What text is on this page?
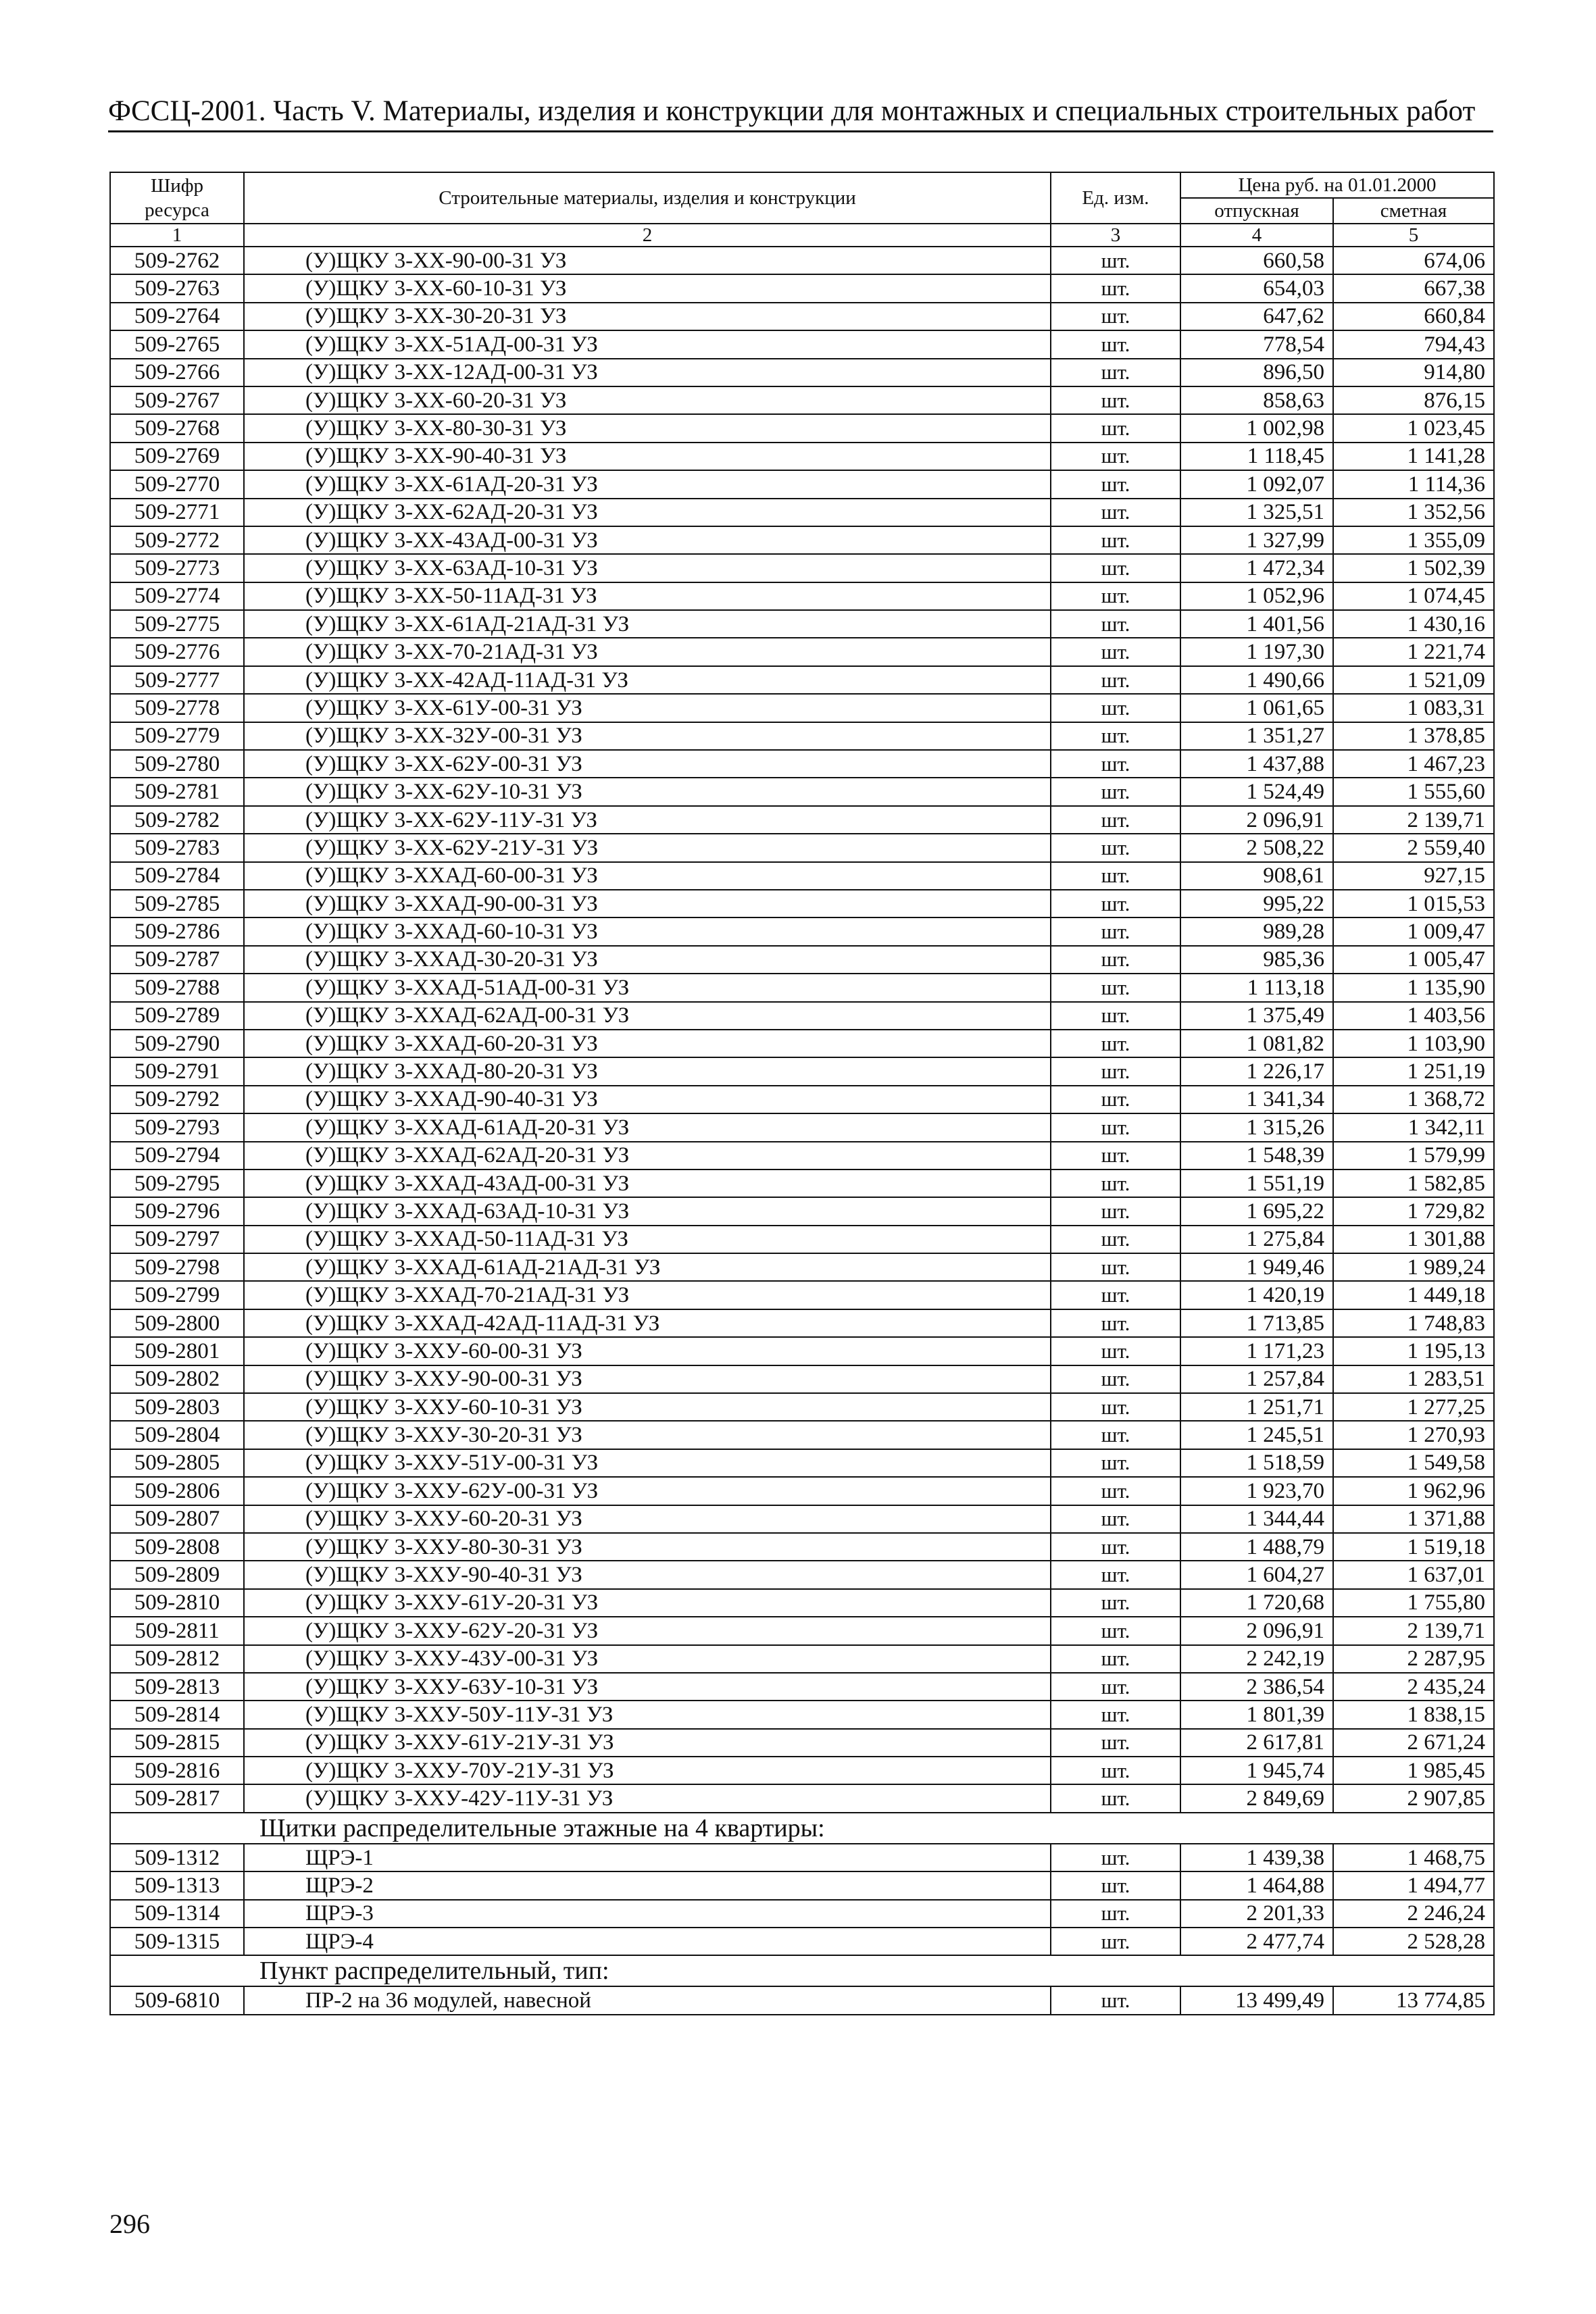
ФССЦ-2001. Часть V. Материалы, изделия и конструкции для монтажных и специальных строительных работ
Шифр ресурса	Строительные материалы, изделия и конструкции	Ед. изм.	Цена руб. на 01.01.2000	
			отпускная	сметная
1	2	3	4	5
509-2762	(У)ЩКУ 3-ХХ-90-00-31 УЗ	шт.	660,58	674,06
509-2763	(У)ЩКУ 3-ХХ-60-10-31 УЗ	шт.	654,03	667,38
509-2764	(У)ЩКУ 3-ХХ-30-20-31 УЗ	шт.	647,62	660,84
509-2765	(У)ЩКУ 3-ХХ-51АД-00-31 УЗ	шт.	778,54	794,43
509-2766	(У)ЩКУ 3-ХХ-12АД-00-31 УЗ	шт.	896,50	914,80
509-2767	(У)ЩКУ 3-ХХ-60-20-31 УЗ	шт.	858,63	876,15
509-2768	(У)ЩКУ 3-ХХ-80-30-31 УЗ	шт.	1 002,98	1 023,45
509-2769	(У)ЩКУ 3-ХХ-90-40-31 УЗ	шт.	1 118,45	1 141,28
509-2770	(У)ЩКУ 3-ХХ-61АД-20-31 УЗ	шт.	1 092,07	1 114,36
509-2771	(У)ЩКУ 3-ХХ-62АД-20-31 УЗ	шт.	1 325,51	1 352,56
509-2772	(У)ЩКУ 3-ХХ-43АД-00-31 УЗ	шт.	1 327,99	1 355,09
509-2773	(У)ЩКУ 3-ХХ-63АД-10-31 УЗ	шт.	1 472,34	1 502,39
509-2774	(У)ЩКУ 3-ХХ-50-11АД-31 УЗ	шт.	1 052,96	1 074,45
509-2775	(У)ЩКУ 3-ХХ-61АД-21АД-31 УЗ	шт.	1 401,56	1 430,16
509-2776	(У)ЩКУ 3-ХХ-70-21АД-31 УЗ	шт.	1 197,30	1 221,74
509-2777	(У)ЩКУ 3-ХХ-42АД-11АД-31 УЗ	шт.	1 490,66	1 521,09
509-2778	(У)ЩКУ 3-ХХ-61У-00-31 УЗ	шт.	1 061,65	1 083,31
509-2779	(У)ЩКУ 3-ХХ-32У-00-31 УЗ	шт.	1 351,27	1 378,85
509-2780	(У)ЩКУ 3-ХХ-62У-00-31 УЗ	шт.	1 437,88	1 467,23
509-2781	(У)ЩКУ 3-ХХ-62У-10-31 УЗ	шт.	1 524,49	1 555,60
509-2782	(У)ЩКУ 3-ХХ-62У-11У-31 УЗ	шт.	2 096,91	2 139,71
509-2783	(У)ЩКУ 3-ХХ-62У-21У-31 УЗ	шт.	2 508,22	2 559,40
509-2784	(У)ЩКУ 3-ХХАД-60-00-31 УЗ	шт.	908,61	927,15
509-2785	(У)ЩКУ 3-ХХАД-90-00-31 УЗ	шт.	995,22	1 015,53
509-2786	(У)ЩКУ 3-ХХАД-60-10-31 УЗ	шт.	989,28	1 009,47
509-2787	(У)ЩКУ 3-ХХАД-30-20-31 УЗ	шт.	985,36	1 005,47
509-2788	(У)ЩКУ 3-ХХАД-51АД-00-31 УЗ	шт.	1 113,18	1 135,90
509-2789	(У)ЩКУ 3-ХХАД-62АД-00-31 УЗ	шт.	1 375,49	1 403,56
509-2790	(У)ЩКУ 3-ХХАД-60-20-31 УЗ	шт.	1 081,82	1 103,90
509-2791	(У)ЩКУ 3-ХХАД-80-20-31 УЗ	шт.	1 226,17	1 251,19
509-2792	(У)ЩКУ 3-ХХАД-90-40-31 УЗ	шт.	1 341,34	1 368,72
509-2793	(У)ЩКУ 3-ХХАД-61АД-20-31 УЗ	шт.	1 315,26	1 342,11
509-2794	(У)ЩКУ 3-ХХАД-62АД-20-31 УЗ	шт.	1 548,39	1 579,99
509-2795	(У)ЩКУ 3-ХХАД-43АД-00-31 УЗ	шт.	1 551,19	1 582,85
509-2796	(У)ЩКУ 3-ХХАД-63АД-10-31 УЗ	шт.	1 695,22	1 729,82
509-2797	(У)ЩКУ 3-ХХАД-50-11АД-31 УЗ	шт.	1 275,84	1 301,88
509-2798	(У)ЩКУ 3-ХХАД-61АД-21АД-31 УЗ	шт.	1 949,46	1 989,24
509-2799	(У)ЩКУ 3-ХХАД-70-21АД-31 УЗ	шт.	1 420,19	1 449,18
509-2800	(У)ЩКУ 3-ХХАД-42АД-11АД-31 УЗ	шт.	1 713,85	1 748,83
509-2801	(У)ЩКУ 3-ХХУ-60-00-31 УЗ	шт.	1 171,23	1 195,13
509-2802	(У)ЩКУ 3-ХХУ-90-00-31 УЗ	шт.	1 257,84	1 283,51
509-2803	(У)ЩКУ 3-ХХУ-60-10-31 УЗ	шт.	1 251,71	1 277,25
509-2804	(У)ЩКУ 3-ХХУ-30-20-31 УЗ	шт.	1 245,51	1 270,93
509-2805	(У)ЩКУ 3-ХХУ-51У-00-31 УЗ	шт.	1 518,59	1 549,58
509-2806	(У)ЩКУ 3-ХХУ-62У-00-31 УЗ	шт.	1 923,70	1 962,96
509-2807	(У)ЩКУ 3-ХХУ-60-20-31 УЗ	шт.	1 344,44	1 371,88
509-2808	(У)ЩКУ 3-ХХУ-80-30-31 УЗ	шт.	1 488,79	1 519,18
509-2809	(У)ЩКУ 3-ХХУ-90-40-31 УЗ	шт.	1 604,27	1 637,01
509-2810	(У)ЩКУ 3-ХХУ-61У-20-31 УЗ	шт.	1 720,68	1 755,80
509-2811	(У)ЩКУ 3-ХХУ-62У-20-31 УЗ	шт.	2 096,91	2 139,71
509-2812	(У)ЩКУ 3-ХХУ-43У-00-31 УЗ	шт.	2 242,19	2 287,95
509-2813	(У)ЩКУ 3-ХХУ-63У-10-31 УЗ	шт.	2 386,54	2 435,24
509-2814	(У)ЩКУ 3-ХХУ-50У-11У-31 УЗ	шт.	1 801,39	1 838,15
509-2815	(У)ЩКУ 3-ХХУ-61У-21У-31 УЗ	шт.	2 617,81	2 671,24
509-2816	(У)ЩКУ 3-ХХУ-70У-21У-31 УЗ	шт.	1 945,74	1 985,45
509-2817	(У)ЩКУ 3-ХХУ-42У-11У-31 УЗ	шт.	2 849,69	2 907,85
Щитки распределительные этажные на 4 квартиры:				
509-1312	ЩРЭ-1	шт.	1 439,38	1 468,75
509-1313	ЩРЭ-2	шт.	1 464,88	1 494,77
509-1314	ЩРЭ-3	шт.	2 201,33	2 246,24
509-1315	ЩРЭ-4	шт.	2 477,74	2 528,28
Пункт распределительный, тип:				
509-6810	ПР-2 на 36 модулей, навесной	шт.	13 499,49	13 774,85
296
